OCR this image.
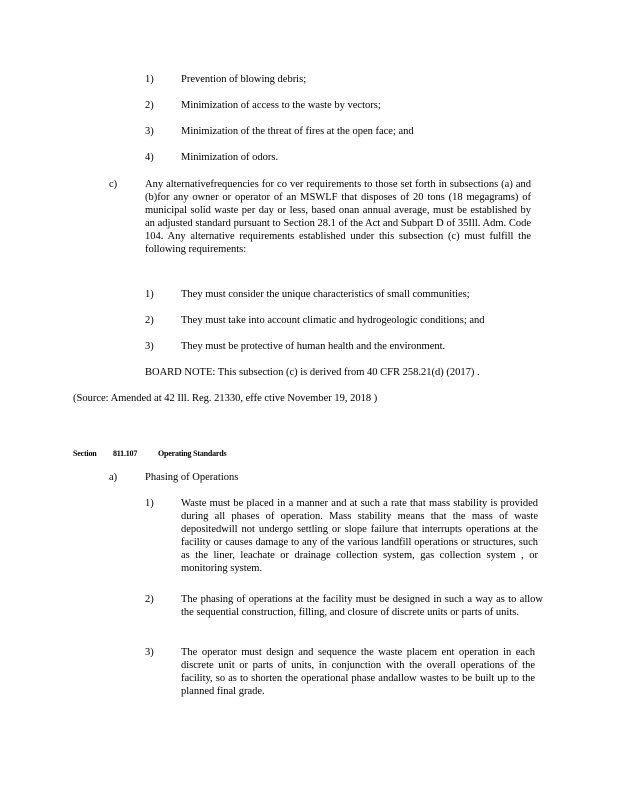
1)	Prevention of blowing debris;
2)	Minimization of access to the waste by vectors;
3)	Minimization of the threat of fires at the open face; and
4)	Minimization of odors.
c)	Any alternativefrequencies for co ver requirements to those set forth in subsections (a) and (b)for any owner or operator of an MSWLF that disposes of 20 tons (18 megagrams) of municipal solid waste per day or less, based onan annual average, must be established by an adjusted standard pursuant to Section 28.1 of the Act and Subpart D of 35Ill. Adm. Code 104. Any alternative requirements established under this subsection (c) must fulfill the following requirements:
1)	They must consider the unique characteristics of small communities;
2)	They must take into account climatic and hydrogeologic conditions; and
3)	They must be protective of human health and the environment.
BOARD NOTE: This subsection (c) is derived from 40 CFR 258.21(d) (2017) .
(Source: Amended at 42 Ill. Reg. 21330, effe ctive November 19, 2018 )
Section 811.107	Operating Standards
a)	Phasing of Operations
1)	Waste must be placed in a manner and at such a rate that mass stability is provided during all phases of operation. Mass stability means that the mass of waste depositedwill not undergo settling or slope failure that interrupts operations at the facility or causes damage to any of the various landfill operations or structures, such as the liner, leachate or drainage collection system, gas collection system , or monitoring system.
2)	The phasing of operations at the facility must be designed in such a way as to allow the sequential construction, filling, and closure of discrete units or parts of units.
3)	The operator must design and sequence the waste placem ent operation in each discrete unit or parts of units, in conjunction with the overall operations of the facility, so as to shorten the operational phase andallow wastes to be built up to the planned final grade.
